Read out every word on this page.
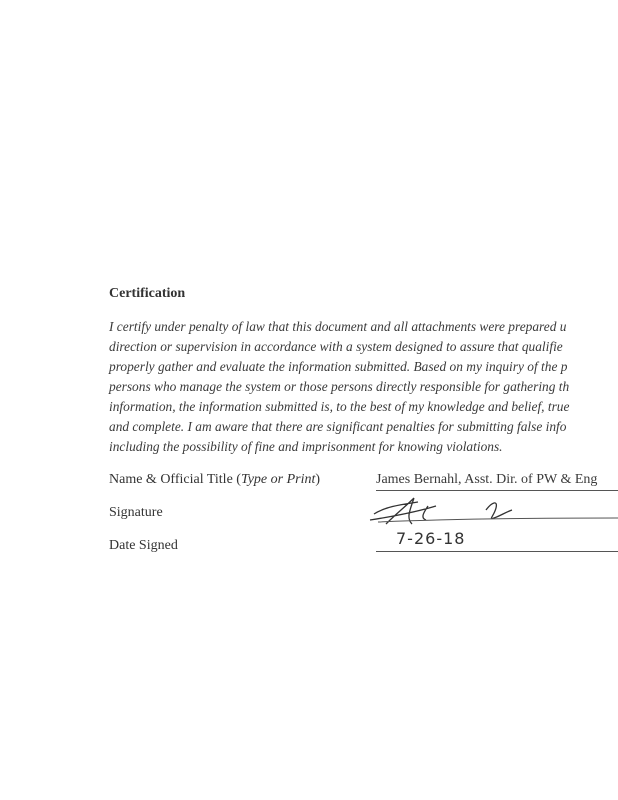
Certification
I certify under penalty of law that this document and all attachments were prepared u
direction or supervision in accordance with a system designed to assure that qualifie
properly gather and evaluate the information submitted. Based on my inquiry of the p
persons who manage the system or those persons directly responsible for gathering th
information, the information submitted is, to the best of my knowledge and belief, true
and complete. I am aware that there are significant penalties for submitting false info
including the possibility of fine and imprisonment for knowing violations.
Name & Official Title (Type or Print)	James Bernahl, Asst. Dir. of PW & Eng
Signature
Date Signed	7-26-18
